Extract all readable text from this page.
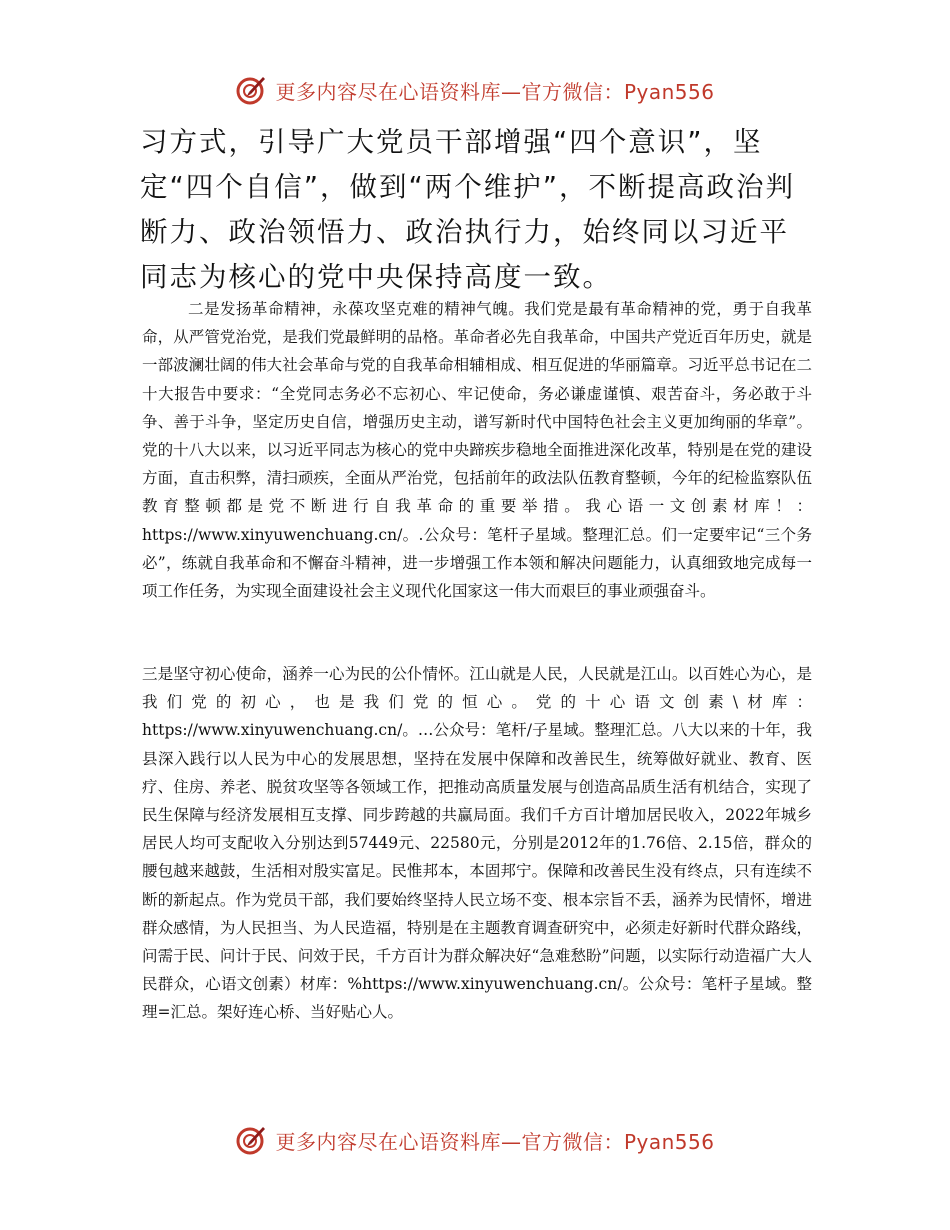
更多内容尽在心语资料库—官方微信：Pyan556

习方式，引导广大党员干部增强“四个意识”，坚定“四个自信”，做到“两个维护”，不断提高政治判断力、政治领悟力、政治执行力，始终同以习近平同志为核心的党中央保持高度一致。

二是发扬革命精神，永葆攻坚克难的精神气魄。我们党是最有革命精神的党，勇于自我革命，从严管党治党，是我们党最鲜明的品格。革命者必先自我革命，中国共产党近百年历史，就是一部波澜壮阔的伟大社会革命与党的自我革命相辅相成、相互促进的华丽篇章。习近平总书记在二十大报告中要求：“全党同志务必不忘初心、牢记使命，务必谦虚谨慎、艰苦奋斗，务必敢于斗争、善于斗争，坚定历史自信，增强历史主动，谱写新时代中国特色社会主义更加绚丽的华章”。党的十八大以来，以习近平同志为核心的党中央蹄疾步稳地全面推进深化改革，特别是在党的建设方面，直击积弊，清扫顽疾，全面从严治党，包括前年的政法队伍教育整顿，今年的纪检监察队伍教育整顿都是党不断进行自我革命的重要举措。我心语一文创素材库！：https://www.xinyuwenchuang.cn/。.公众号：笔杆子星域。整理汇总。们一定要牢记“三个务必”，练就自我革命和不懈奋斗精神，进一步增强工作本领和解决问题能力，认真细致地完成每一项工作任务，为实现全面建设社会主义现代化国家这一伟大而艰巨的事业顽强奋斗。

三是坚守初心使命，涵养一心为民的公仆情怀。江山就是人民，人民就是江山。以百姓心为心，是我们党的初心，也是我们党的恒心。党的十心语文创素\材库：https://www.xinyuwenchuang.cn/。…公众号：笔杆/子星域。整理汇总。八大以来的十年，我县深入践行以人民为中心的发展思想，坚持在发展中保障和改善民生，统筹做好就业、教育、医疗、住房、养老、脱贫攻坚等各领域工作，把推动高质量发展与创造高品质生活有机结合，实现了民生保障与经济发展相互支撑、同步跨越的共赢局面。我们千方百计增加居民收入，2022年城乡居民人均可支配收入分别达到57449元、22580元，分别是2012年的1.76倍、2.15倍，群众的腰包越来越鼓，生活相对殷实富足。民惟邦本，本固邦宁。保障和改善民生没有终点，只有连续不断的新起点。作为党员干部，我们要始终坚持人民立场不变、根本宗旨不丢，涵养为民情怀，增进群众感情，为人民担当、为人民造福，特别是在主题教育调查研究中，必须走好新时代群众路线，问需于民、问计于民、问效于民，千方百计为群众解决好“急难愁盼”问题，以实际行动造福广大人民群众，心语文创素）材库：%https://www.xinyuwenchuang.cn/。公众号：笔杆子星域。整理=汇总。架好连心桥、当好贴心人。

更多内容尽在心语资料库—官方微信：Pyan556
